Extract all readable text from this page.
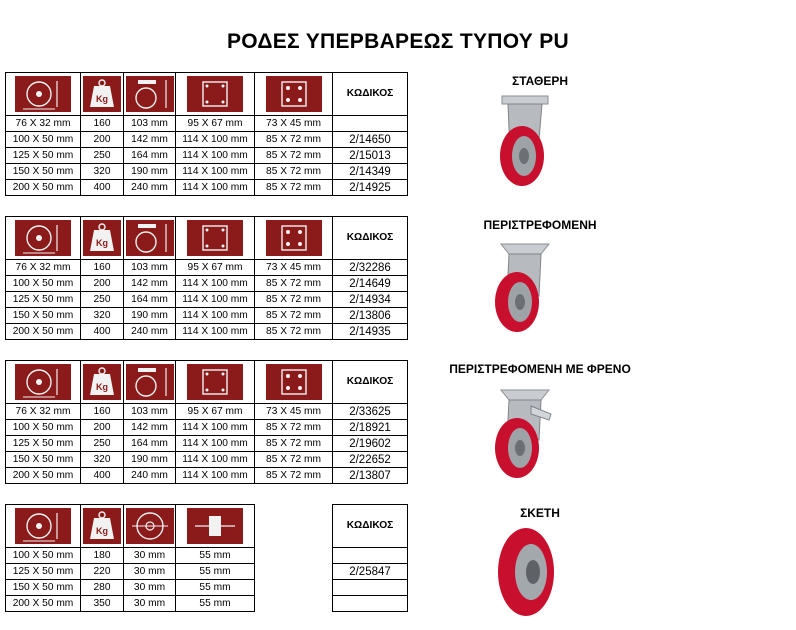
ΡΟΔΕΣ ΥΠΕΡΒΑΡΕΩΣ ΤΥΠΟΥ PU

Kg				ΚΩΔΙΚΟΣ
76 X 32 mm	160	103 mm	95 X 67 mm	73 X 45 mm	
100 X 50 mm	200	142 mm	114 X 100 mm	85 X 72 mm	2/14650
125 X 50 mm	250	164 mm	114 X 100 mm	85 X 72 mm	2/15013
150 X 50 mm	320	190 mm	114 X 100 mm	85 X 72 mm	2/14349
200 X 50 mm	400	240 mm	114 X 100 mm	85 X 72 mm	2/14925

Kg				ΚΩΔΙΚΟΣ
76 X 32 mm	160	103 mm	95 X 67 mm	73 X 45 mm	2/32286
100 X 50 mm	200	142 mm	114 X 100 mm	85 X 72 mm	2/14649
125 X 50 mm	250	164 mm	114 X 100 mm	85 X 72 mm	2/14934
150 X 50 mm	320	190 mm	114 X 100 mm	85 X 72 mm	2/13806
200 X 50 mm	400	240 mm	114 X 100 mm	85 X 72 mm	2/14935

Kg				ΚΩΔΙΚΟΣ
76 X 32 mm	160	103 mm	95 X 67 mm	73 X 45 mm	2/33625
100 X 50 mm	200	142 mm	114 X 100 mm	85 X 72 mm	2/18921
125 X 50 mm	250	164 mm	114 X 100 mm	85 X 72 mm	2/19602
150 X 50 mm	320	190 mm	114 X 100 mm	85 X 72 mm	2/22652
200 X 50 mm	400	240 mm	114 X 100 mm	85 X 72 mm	2/13807

Kg				ΚΩΔΙΚΟΣ
100 X 50 mm	180	30 mm	55 mm		
125 X 50 mm	220	30 mm	55 mm		2/25847
150 X 50 mm	280	30 mm	55 mm		
200 X 50 mm	350	30 mm	55 mm		
ΣΤΑΘΕΡΗ
ΠΕΡΙΣΤΡΕΦΟΜΕΝΗ
ΠΕΡΙΣΤΡΕΦΟΜΕΝΗ ΜΕ ΦΡΕΝΟ
ΣΚΕΤΗ
